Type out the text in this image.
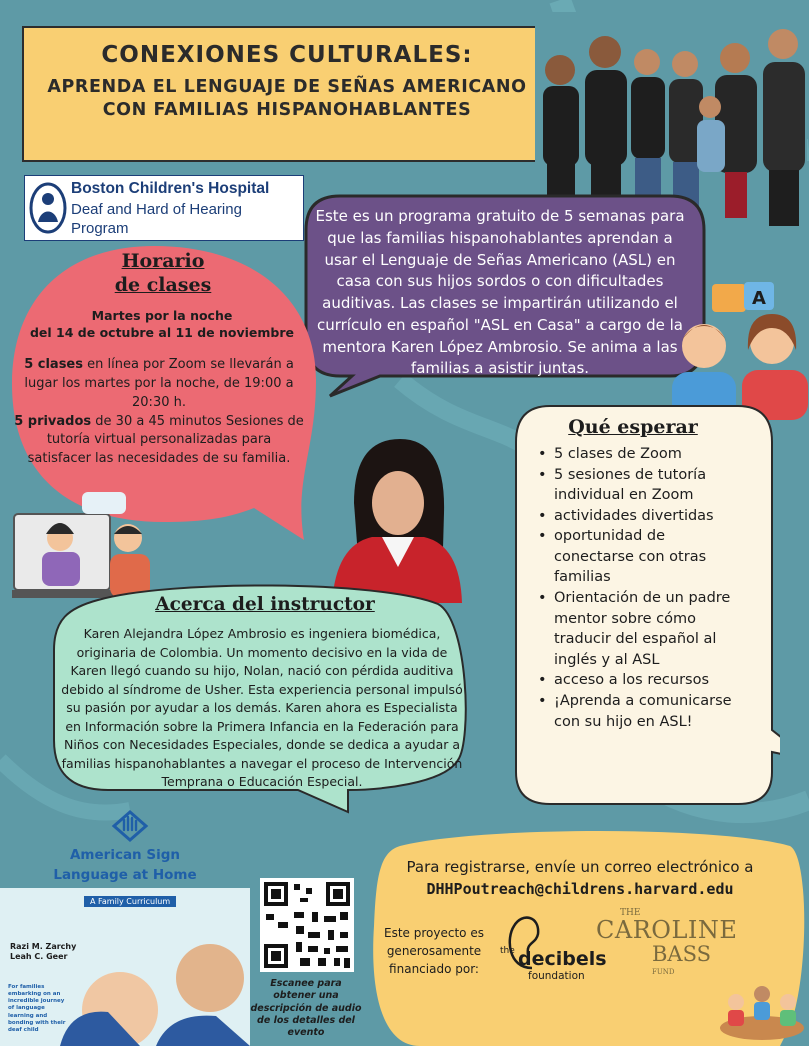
CONEXIONES CULTURALES:
APRENDA EL LENGUAJE DE SEÑAS AMERICANO
CON FAMILIAS HISPANOHABLANTES
Boston Children's Hospital
Deaf and Hard of Hearing
Program
Este es un programa gratuito de 5 semanas para que las familias hispanohablantes aprendan a usar el Lenguaje de Señas Americano (ASL) en casa con sus hijos sordos o con dificultades auditivas. Las clases se impartirán utilizando el currículo en español "ASL en Casa" a cargo de la mentora Karen López Ambrosio. Se anima a las familias a asistir juntas.
A
Horario
de clases
Martes por la noche
del 14 de octubre al 11 de noviembre
5 clases en línea por Zoom se llevarán a lugar los martes por la noche, de 19:00 a 20:30 h.
5 privados de 30 a 45 minutos Sesiones de tutoría virtual personalizadas para satisfacer las necesidades de su familia.
Qué esperar
• 5 clases de Zoom
• 5 sesiones de tutoría individual en Zoom
• actividades divertidas
• oportunidad de conectarse con otras familias
• Orientación de un padre mentor sobre cómo traducir del español al inglés y al ASL
• acceso a los recursos
• ¡Aprenda a comunicarse con su hijo en ASL!
Acerca del instructor
Karen Alejandra López Ambrosio es ingeniera biomédica, originaria de Colombia. Un momento decisivo en la vida de Karen llegó cuando su hijo, Nolan, nació con pérdida auditiva debido al síndrome de Usher. Esta experiencia personal impulsó su pasión por ayudar a los demás. Karen ahora es Especialista en Información sobre la Primera Infancia en la Federación para Niños con Necesidades Especiales, donde se dedica a ayudar a familias hispanohablantes a navegar el proceso de Intervención Temprana o Educación Especial.
American Sign
Language at Home
A Family Curriculum
Razi M. Zarchy
Leah C. Geer
For families embarking on an incredible journey of language learning and bonding with their deaf child
Escanee para obtener una descripción de audio de los detalles del evento
Para registrarse, envíe un correo electrónico a
DHHPoutreach@childrens.harvard.edu
Este proyecto es generosamente financiado por:
the decibels
foundation
THE
CAROLINE
BASS
FUND
